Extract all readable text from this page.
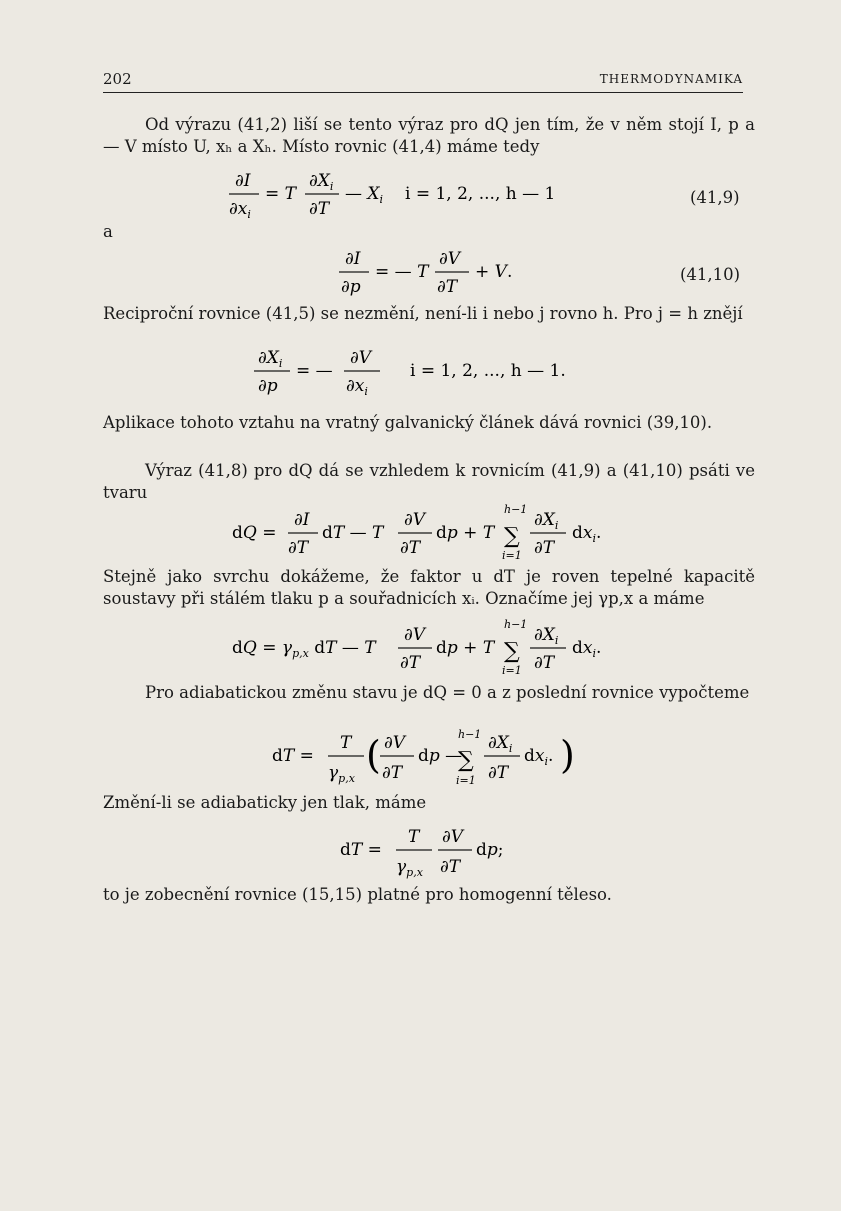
202	THERMODYNAMIKA

Od výrazu (41,2) liší se tento výraz pro dQ jen tím, že v něm stojí I, p a — V místo U, xₕ a Xₕ. Místo rovnic (41,4) máme tedy

∂I
$\partial x_i$
= T
$\partial X_i$
∂T
— $X_i$ i = 1, 2, ..., h — 1	(41,9)
a
∂I
∂p
= — T
∂V
∂T
+ V.	(41,10)

Reciproční rovnice (41,5) se nezmění, není-li i nebo j rovno h. Pro j = h znějí

$\partial X_i$
∂p
= —
∂V
$\partial x_i$
i = 1, 2, ..., h — 1.

Aplikace tohoto vztahu na vratný galvanický článek dává rovnici (39,10).

Výraz (41,8) pro dQ dá se vzhledem k rovnicím (41,9) a (41,10) psáti ve tvaru

dQ =
∂I
∂T
dT — T
∂V
∂T
dp + T
h−1
∑
i=1
$\partial X_i$
∂T
$dx_i$.

Stejně jako svrchu dokážeme, že faktor u dT je roven tepelné kapacitě soustavy při stálém tlaku p a souřadnicích xᵢ. Označíme jej γp,x a máme

dQ = $\gamma_{p,x}$ dT — T
∂V
∂T
dp + T
h−1
∑
i=1
$\partial X_i$
∂T
$dx_i$.

Pro adiabatickou změnu stavu je dQ = 0 a z poslední rovnice vypočteme

dT =
T
$\gamma_{p,x}$
( ∂V
∂T
dp —
h−1
∑
i=1
$\partial X_i$
∂T
$dx_i$. )

Změní-li se adiabaticky jen tlak, máme

dT =
T
$\gamma_{p,x}$
∂V
∂T
dp;

to je zobecnění rovnice (15,15) platné pro homogenní těleso.
